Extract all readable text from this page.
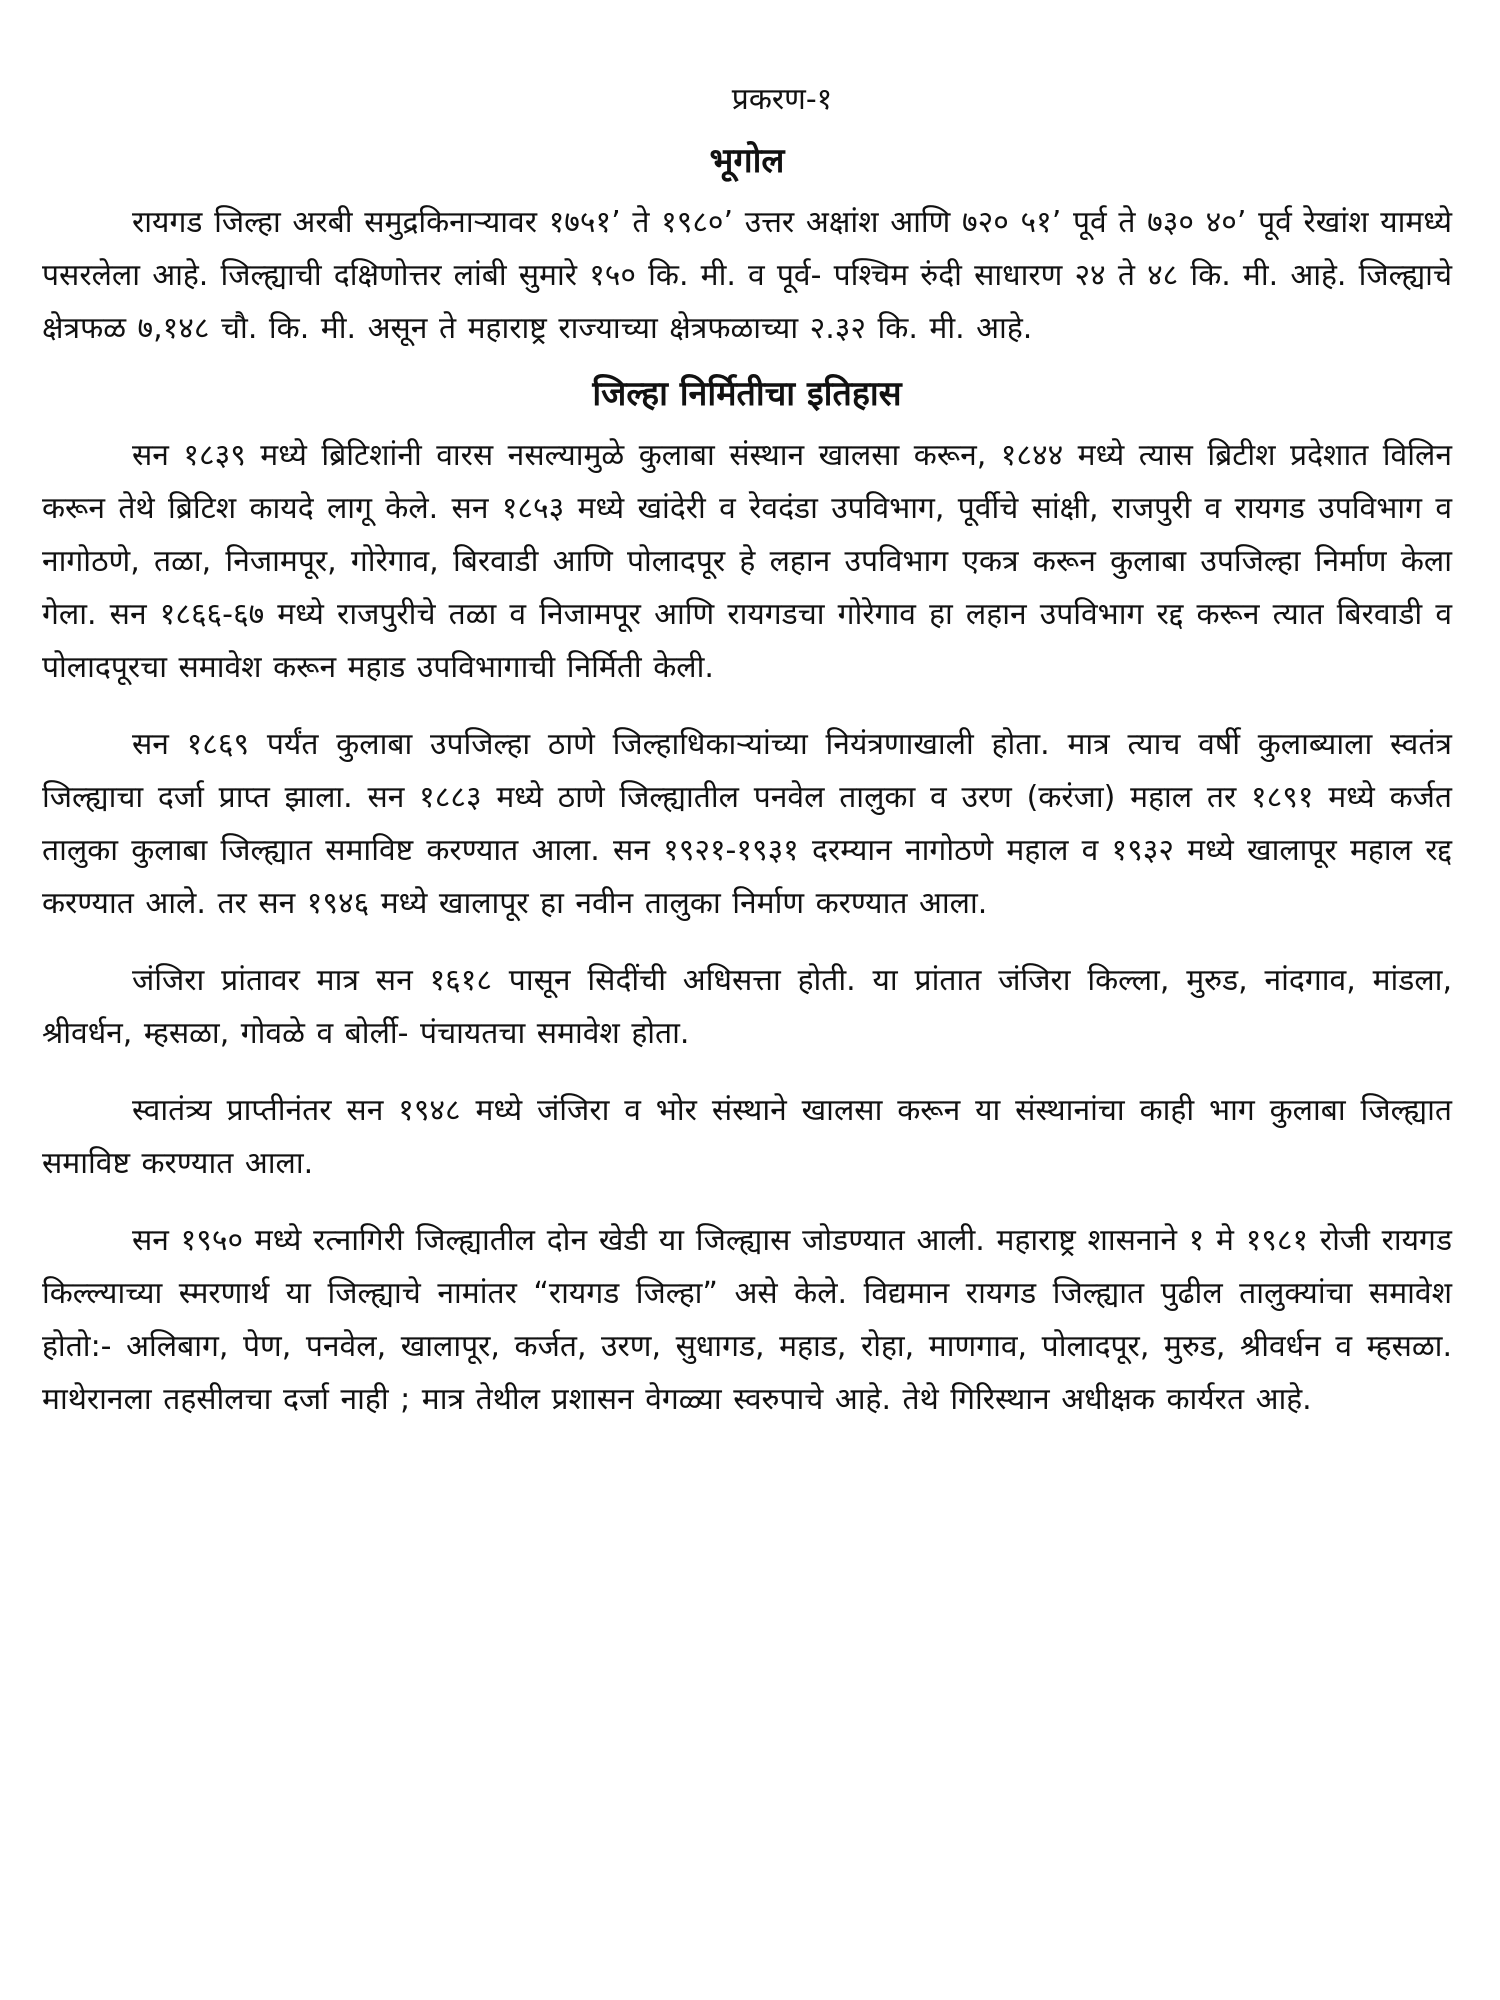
प्रकरण-१
भूगोल

रायगड जिल्हा अरबी समुद्रकिनाऱ्यावर १७५१’ ते १९८०’ उत्तर अक्षांश आणि ७२० ५१’ पूर्व ते ७३० ४०’ पूर्व रेखांश यामध्ये पसरलेला आहे. जिल्ह्याची दक्षिणोत्तर लांबी सुमारे १५० कि. मी. व पूर्व- पश्चिम रुंदी साधारण २४ ते ४८ कि. मी. आहे. जिल्ह्याचे क्षेत्रफळ ७,१४८ चौ. कि. मी. असून ते महाराष्ट्र राज्याच्या क्षेत्रफळाच्या २.३२ कि. मी. आहे.

जिल्हा निर्मितीचा इतिहास

सन १८३९ मध्ये ब्रिटिशांनी वारस नसल्यामुळे कुलाबा संस्थान खालसा करून, १८४४ मध्ये त्यास ब्रिटीश प्रदेशात विलिन करून तेथे ब्रिटिश कायदे लागू केले. सन १८५३ मध्ये खांदेरी व रेवदंडा उपविभाग, पूर्वीचे सांक्षी, राजपुरी व रायगड उपविभाग व नागोठणे, तळा, निजामपूर, गोरेगाव, बिरवाडी आणि पोलादपूर हे लहान उपविभाग एकत्र करून कुलाबा उपजिल्हा निर्माण केला गेला. सन १८६६-६७ मध्ये राजपुरीचे तळा व निजामपूर आणि रायगडचा गोरेगाव हा लहान उपविभाग रद्द करून त्यात बिरवाडी व पोलादपूरचा समावेश करून महाड उपविभागाची निर्मिती केली.

सन १८६९ पर्यंत कुलाबा उपजिल्हा ठाणे जिल्हाधिकाऱ्यांच्या नियंत्रणाखाली होता. मात्र त्याच वर्षी कुलाब्याला स्वतंत्र जिल्ह्याचा दर्जा प्राप्त झाला. सन १८८३ मध्ये ठाणे जिल्ह्यातील पनवेल तालुका व उरण (करंजा) महाल तर १८९१ मध्ये कर्जत तालुका कुलाबा जिल्ह्यात समाविष्ट करण्यात आला. सन १९२१-१९३१ दरम्यान नागोठणे महाल व १९३२ मध्ये खालापूर महाल रद्द करण्यात आले. तर सन १९४६ मध्ये खालापूर हा नवीन तालुका निर्माण करण्यात आला.

जंजिरा प्रांतावर मात्र सन १६१८ पासून सिदींची अधिसत्ता होती. या प्रांतात जंजिरा किल्ला, मुरुड, नांदगाव, मांडला, श्रीवर्धन, म्हसळा, गोवळे व बोर्ली- पंचायतचा समावेश होता.

स्वातंत्र्य प्राप्तीनंतर सन १९४८ मध्ये जंजिरा व भोर संस्थाने खालसा करून या संस्थानांचा काही भाग कुलाबा जिल्ह्यात समाविष्ट करण्यात आला.

सन १९५० मध्ये रत्नागिरी जिल्ह्यातील दोन खेडी या जिल्ह्यास जोडण्यात आली. महाराष्ट्र शासनाने १ मे १९८१ रोजी रायगड किल्ल्याच्या स्मरणार्थ या जिल्ह्याचे नामांतर “रायगड जिल्हा” असे केले. विद्यमान रायगड जिल्ह्यात पुढील तालुक्यांचा समावेश होतो:- अलिबाग, पेण, पनवेल, खालापूर, कर्जत, उरण, सुधागड, महाड, रोहा, माणगाव, पोलादपूर, मुरुड, श्रीवर्धन व म्हसळा. माथेरानला तहसीलचा दर्जा नाही ; मात्र तेथील प्रशासन वेगळ्या स्वरुपाचे आहे. तेथे गिरिस्थान अधीक्षक कार्यरत आहे.
